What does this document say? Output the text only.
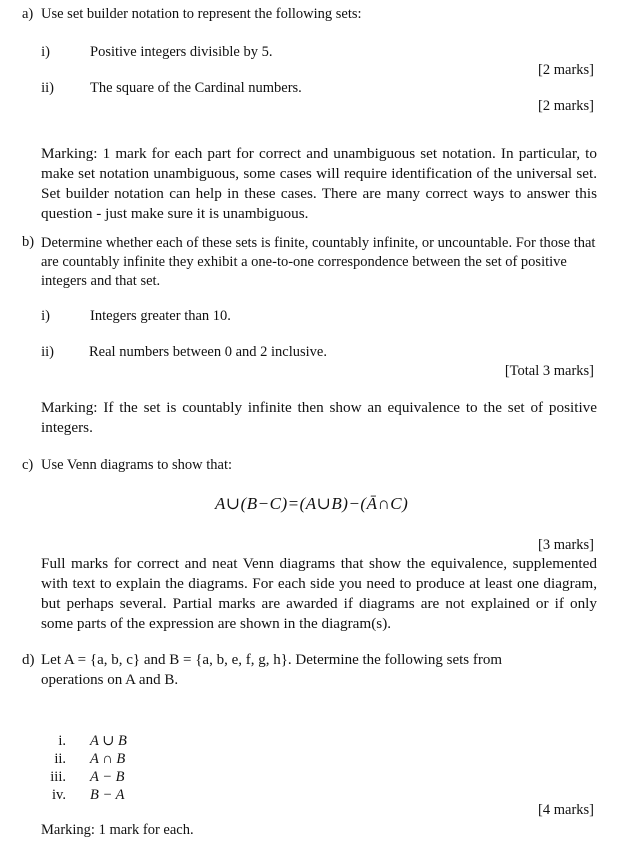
a) Use set builder notation to represent the following sets:
i)	Positive integers divisible by 5.
[2 marks]
ii) The square of the Cardinal numbers.
[2 marks]
Marking: 1 mark for each part for correct and unambiguous set notation. In particular, to make set notation unambiguous, some cases will require identification of the universal set. Set builder notation can help in these cases. There are many correct ways to answer this question - just make sure it is unambiguous.
b) Determine whether each of these sets is finite, countably infinite, or uncountable. For those that are countably infinite they exhibit a one-to-one correspondence between the set of positive integers and that set.
i)	Integers greater than 10.
ii) Real numbers between 0 and 2 inclusive.
[Total 3 marks]
Marking: If the set is countably infinite then show an equivalence to the set of positive integers.
c) Use Venn diagrams to show that:
A∪(B−C)=(A∪B)−(Ā∩C)
[3 marks]
Full marks for correct and neat Venn diagrams that show the equivalence, supplemented with text to explain the diagrams. For each side you need to produce at least one diagram, but perhaps several. Partial marks are awarded if diagrams are not explained or if only some parts of the expression are shown in the diagram(s).
d) Let A = {a, b, c} and B = {a, b, e, f, g, h}. Determine the following sets from
operations on A and B.
i. A ∪ B
ii. A ∩ B
iii. A − B
iv. B − A
[4 marks]
Marking: 1 mark for each.
